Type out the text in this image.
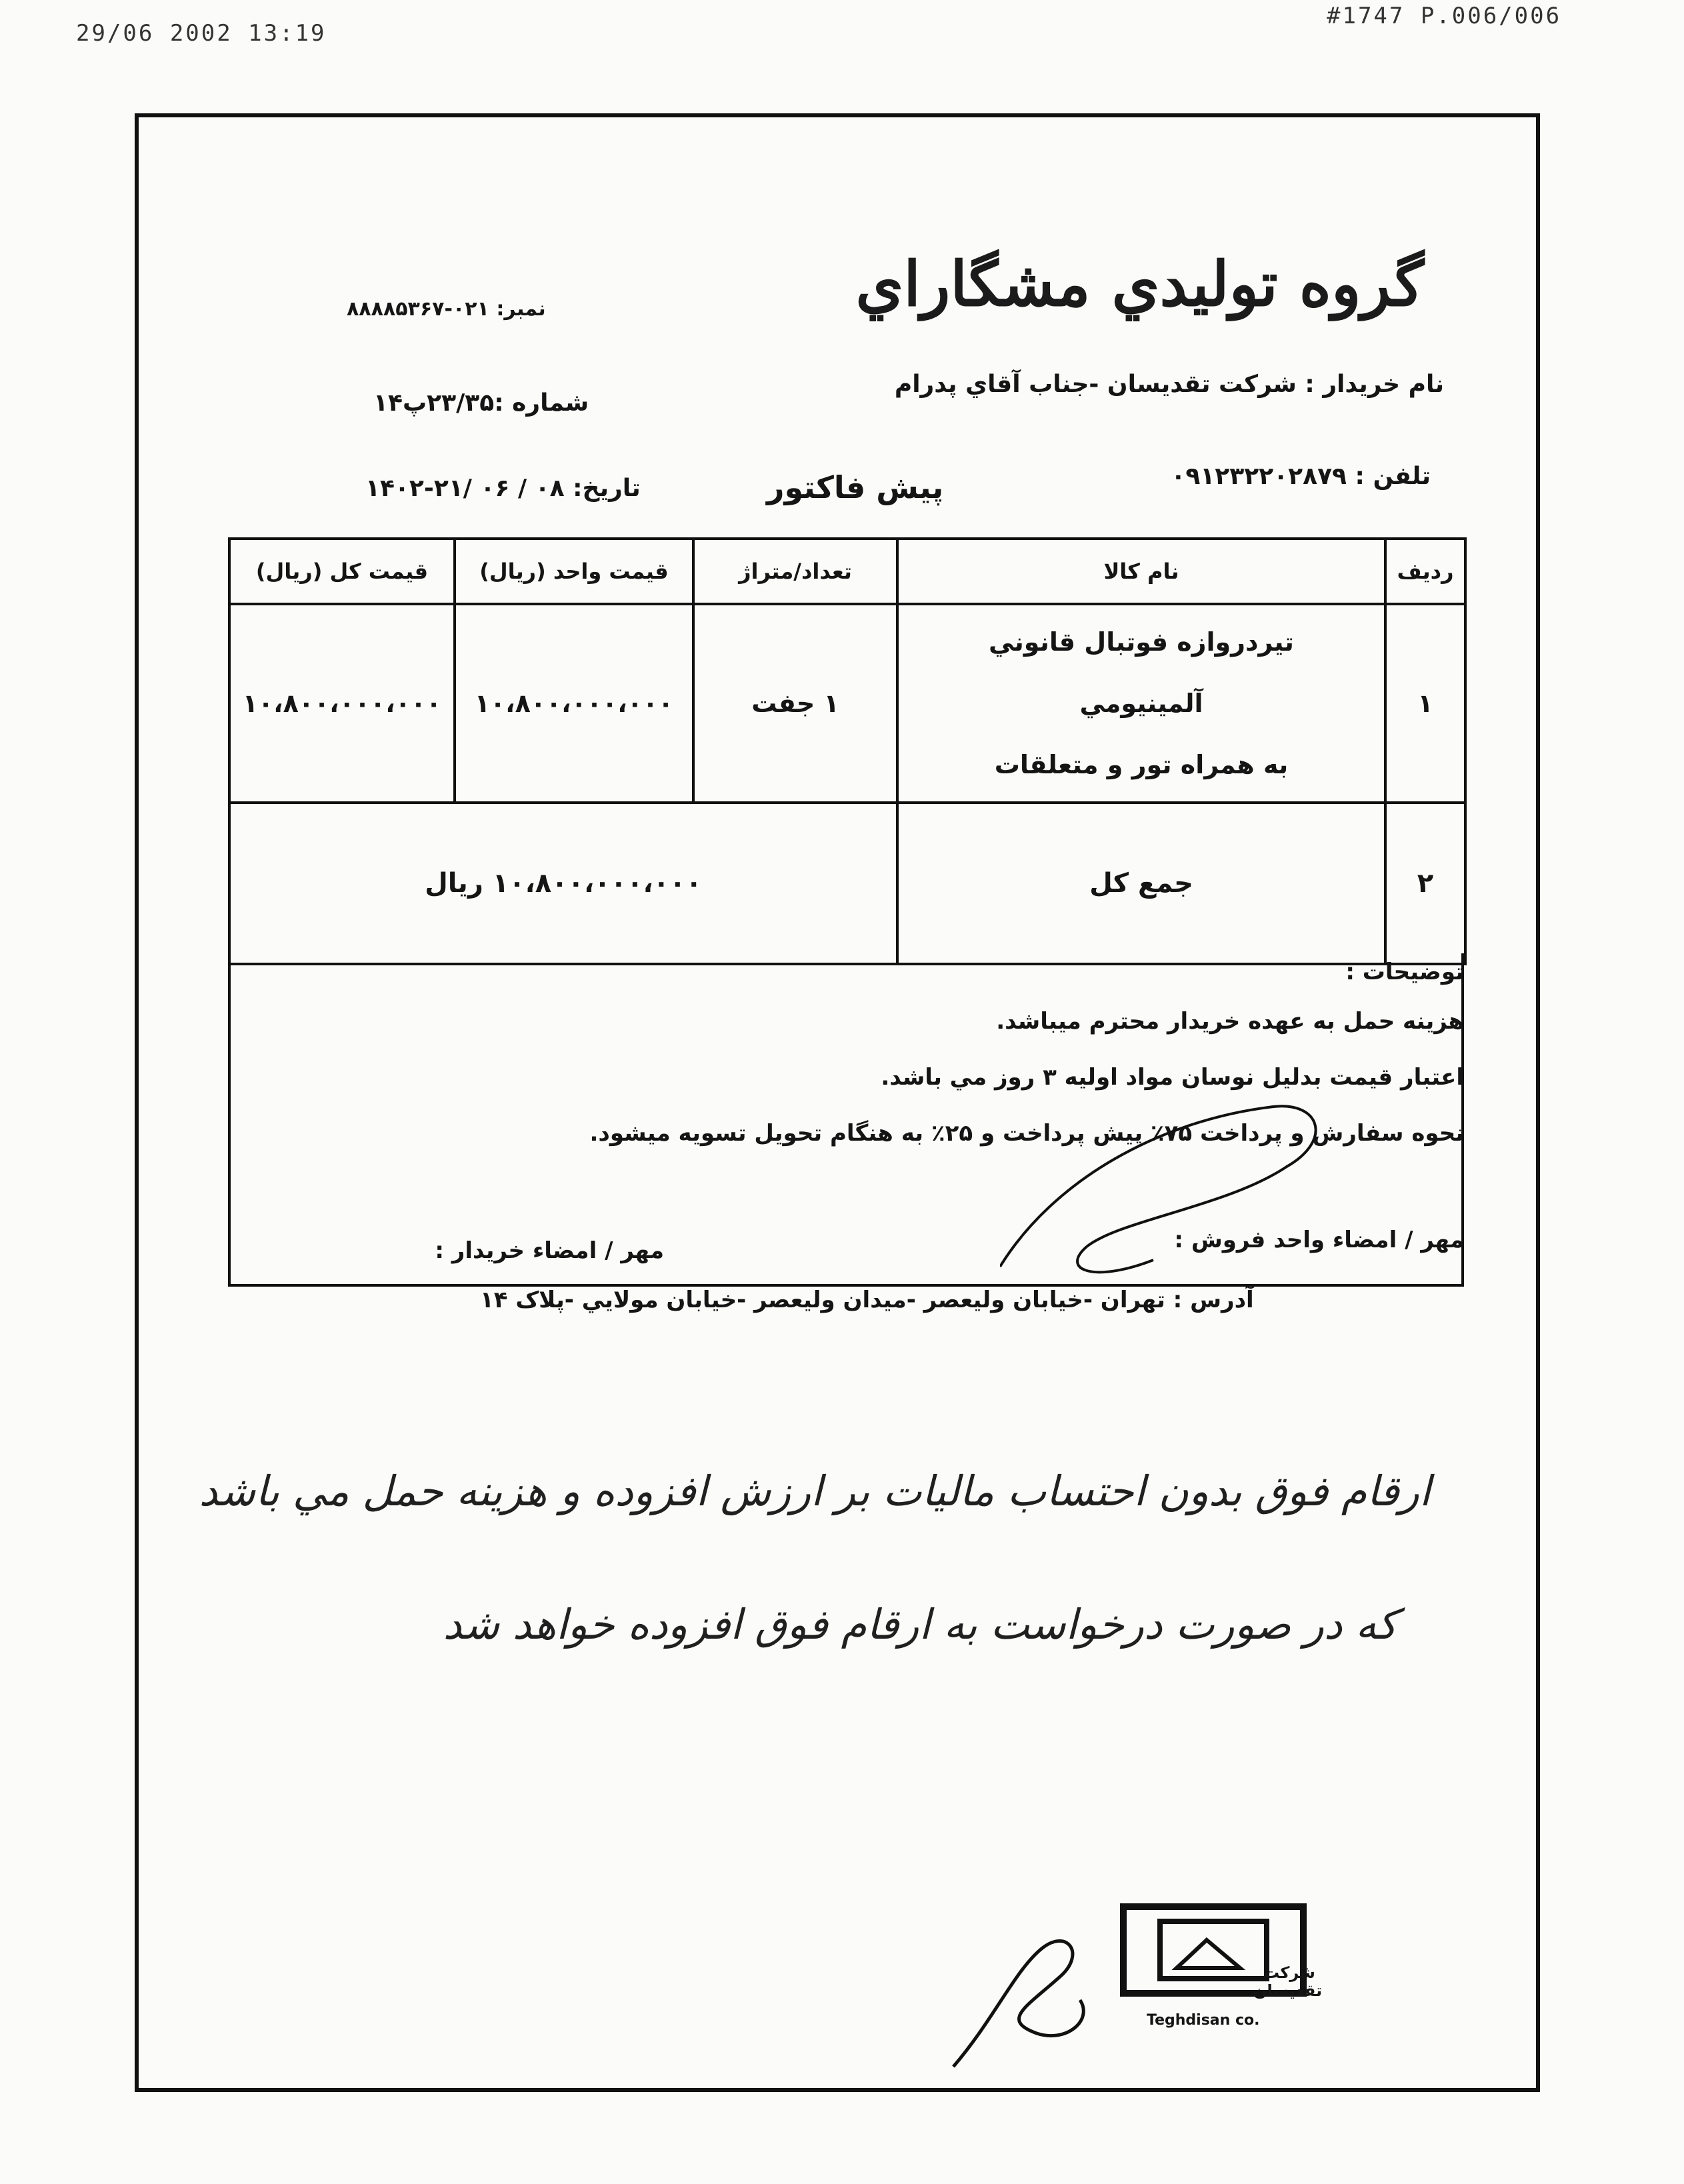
29/06 2002 13:19
#1747 P.006/006
گروه توليدي مشگاراي
نمبر: ۰۲۱-۸۸۸۸۵۳۶۷
نام خريدار : شرکت تقديسان -جناب آقاي پدرام
شماره :۲۳/۳۵پ۱۴
تلفن : ۰۹۱۲۳۲۲۰۲۸۷۹
تاريخ: ۰۸ / ۰۶ /۲۱-۱۴۰۲	پيش فاکتور
رديف	نام کالا	تعداد/متراژ	قيمت واحد (ريال)	قيمت کل (ريال)
۱	تيردروازه فوتبال قانوني
آلمينيومي
به همراه تور و متعلقات	۱ جفت	۱۰،۸۰۰،۰۰۰،۰۰۰	۱۰،۸۰۰،۰۰۰،۰۰۰
۲	جمع کل	۱۰،۸۰۰،۰۰۰،۰۰۰ ريال		
توضيحات :
هزينه حمل به عهده خريدار محترم ميباشد.
اعتبار قيمت بدليل نوسان مواد اوليه ۳ روز مي باشد.
نحوه سفارش و پرداخت ۷۵٪ پيش پرداخت و ۲۵٪ به هنگام تحويل تسويه ميشود.
مهر / امضاء واحد فروش :
مهر / امضاء خريدار :
آدرس : تهران -خيابان وليعصر -ميدان وليعصر -خيابان مولايي -پلاک ۱۴
ارقام فوق بدون احتساب ماليات بر ارزش افزوده و هزينه حمل مي باشد
که در صورت درخواست به ارقام فوق افزوده خواهد شد
شرکت
تقديسان
Teghdisan co.
